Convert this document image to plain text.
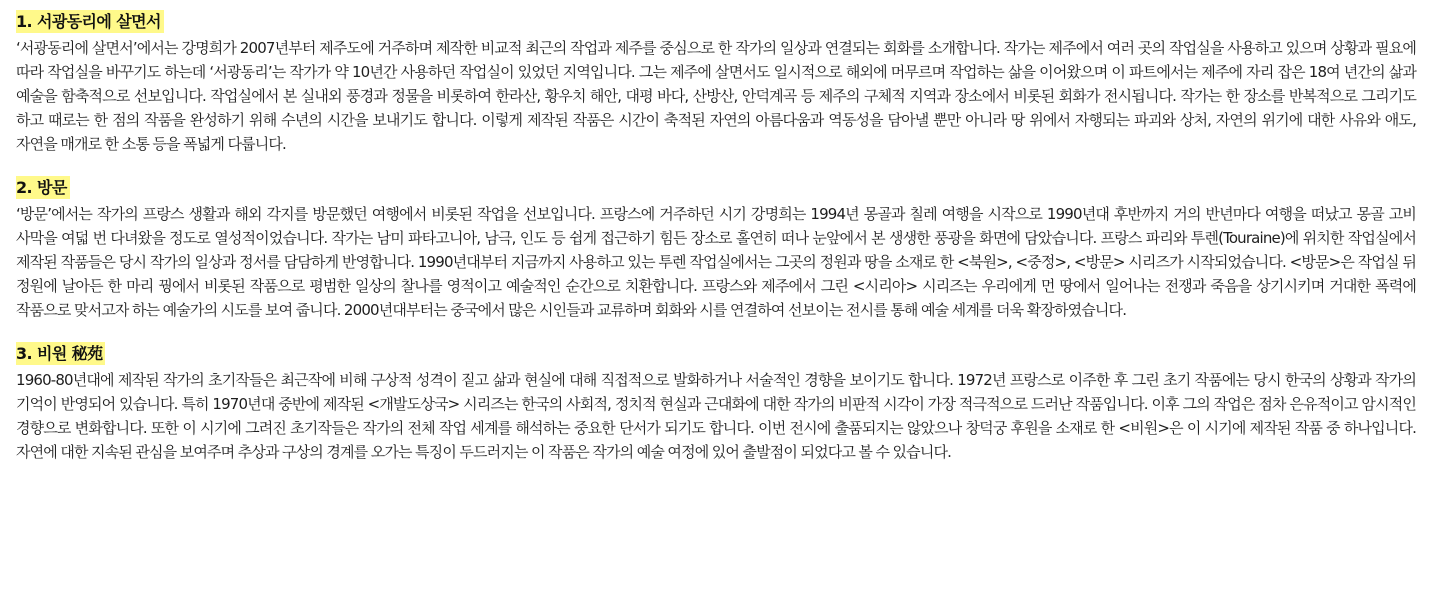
1. 서광동리에 살면서

‘서광동리에 살면서’에서는 강명희가 2007년부터 제주도에 거주하며 제작한 비교적 최근의 작업과 제주를 중심으로 한 작가의 일상과 연결되는 회화를 소개합니다. 작가는 제주에서 여러 곳의 작업실을 사용하고 있으며 상황과 필요에 따라 작업실을 바꾸기도 하는데 ‘서광동리’는 작가가 약 10년간 사용하던 작업실이 있었던 지역입니다. 그는 제주에 살면서도 일시적으로 해외에 머무르며 작업하는 삶을 이어왔으며 이 파트에서는 제주에 자리 잡은 18여 년간의 삶과 예술을 함축적으로 선보입니다. 작업실에서 본 실내외 풍경과 정물을 비롯하여 한라산, 황우치 해안, 대평 바다, 산방산, 안덕계곡 등 제주의 구체적 지역과 장소에서 비롯된 회화가 전시됩니다. 작가는 한 장소를 반복적으로 그리기도 하고 때로는 한 점의 작품을 완성하기 위해 수년의 시간을 보내기도 합니다. 이렇게 제작된 작품은 시간이 축적된 자연의 아름다움과 역동성을 담아낼 뿐만 아니라 땅 위에서 자행되는 파괴와 상처, 자연의 위기에 대한 사유와 애도, 자연을 매개로 한 소통 등을 폭넓게 다룹니다.

2. 방문

‘방문’에서는 작가의 프랑스 생활과 해외 각지를 방문했던 여행에서 비롯된 작업을 선보입니다. 프랑스에 거주하던 시기 강명희는 1994년 몽골과 칠레 여행을 시작으로 1990년대 후반까지 거의 반년마다 여행을 떠났고 몽골 고비 사막을 여덟 번 다녀왔을 정도로 열성적이었습니다. 작가는 남미 파타고니아, 남극, 인도 등 쉽게 접근하기 힘든 장소로 홀연히 떠나 눈앞에서 본 생생한 풍광을 화면에 담았습니다. 프랑스 파리와 투렌(Touraine)에 위치한 작업실에서 제작된 작품들은 당시 작가의 일상과 정서를 담담하게 반영합니다. 1990년대부터 지금까지 사용하고 있는 투렌 작업실에서는 그곳의 정원과 땅을 소재로 한 <북원>, <중정>, <방문> 시리즈가 시작되었습니다. <방문>은 작업실 뒤 정원에 날아든 한 마리 꿩에서 비롯된 작품으로 평범한 일상의 찰나를 영적이고 예술적인 순간으로 치환합니다. 프랑스와 제주에서 그린 <시리아> 시리즈는 우리에게 먼 땅에서 일어나는 전쟁과 죽음을 상기시키며 거대한 폭력에 작품으로 맞서고자 하는 예술가의 시도를 보여 줍니다. 2000년대부터는 중국에서 많은 시인들과 교류하며 회화와 시를 연결하여 선보이는 전시를 통해 예술 세계를 더욱 확장하였습니다.

3. 비원 秘苑

1960-80년대에 제작된 작가의 초기작들은 최근작에 비해 구상적 성격이 짙고 삶과 현실에 대해 직접적으로 발화하거나 서술적인 경향을 보이기도 합니다. 1972년 프랑스로 이주한 후 그린 초기 작품에는 당시 한국의 상황과 작가의 기억이 반영되어 있습니다. 특히 1970년대 중반에 제작된 <개발도상국> 시리즈는 한국의 사회적, 정치적 현실과 근대화에 대한 작가의 비판적 시각이 가장 적극적으로 드러난 작품입니다. 이후 그의 작업은 점차 은유적이고 암시적인 경향으로 변화합니다. 또한 이 시기에 그려진 초기작들은 작가의 전체 작업 세계를 해석하는 중요한 단서가 되기도 합니다. 이번 전시에 출품되지는 않았으나 창덕궁 후원을 소재로 한 <비원>은 이 시기에 제작된 작품 중 하나입니다. 자연에 대한 지속된 관심을 보여주며 추상과 구상의 경계를 오가는 특징이 두드러지는 이 작품은 작가의 예술 여정에 있어 출발점이 되었다고 볼 수 있습니다.
